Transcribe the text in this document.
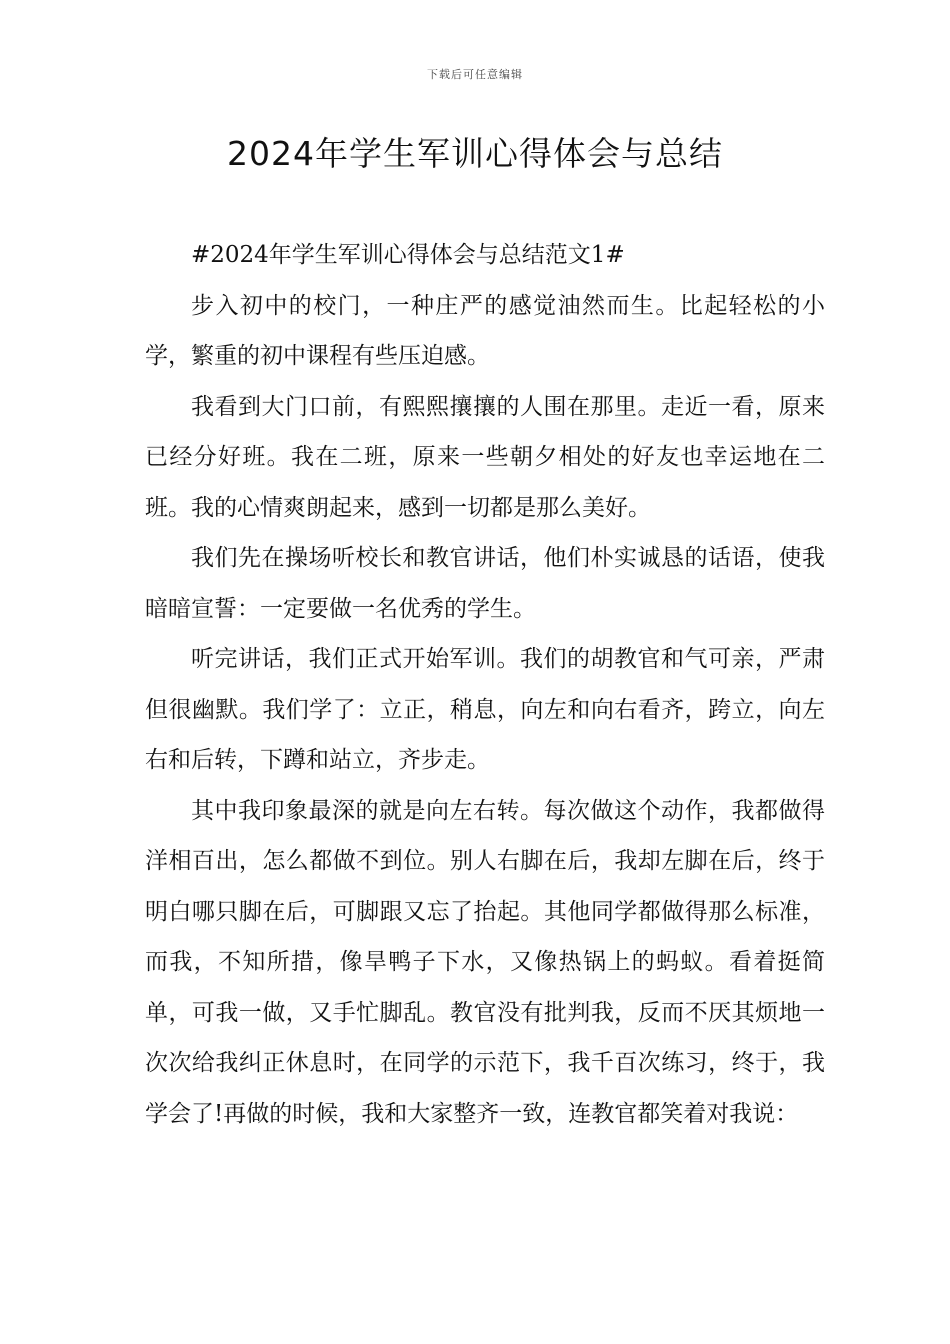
下载后可任意编辑
2024年学生军训心得体会与总结

#2024年学生军训心得体会与总结范文1#

步入初中的校门，一种庄严的感觉油然而生。比起轻松的小学，繁重的初中课程有些压迫感。

我看到大门口前，有熙熙攘攘的人围在那里。走近一看，原来已经分好班。我在二班，原来一些朝夕相处的好友也幸运地在二班。我的心情爽朗起来，感到一切都是那么美好。

我们先在操场听校长和教官讲话，他们朴实诚恳的话语，使我暗暗宣誓：一定要做一名优秀的学生。

听完讲话，我们正式开始军训。我们的胡教官和气可亲，严肃但很幽默。我们学了：立正，稍息，向左和向右看齐，跨立，向左右和后转，下蹲和站立，齐步走。

其中我印象最深的就是向左右转。每次做这个动作，我都做得洋相百出，怎么都做不到位。别人右脚在后，我却左脚在后，终于明白哪只脚在后，可脚跟又忘了抬起。其他同学都做得那么标准，而我，不知所措，像旱鸭子下水，又像热锅上的蚂蚁。看着挺简单，可我一做，又手忙脚乱。教官没有批判我，反而不厌其烦地一次次给我纠正休息时，在同学的示范下，我千百次练习，终于，我学会了!再做的时候，我和大家整齐一致，连教官都笑着对我说：
